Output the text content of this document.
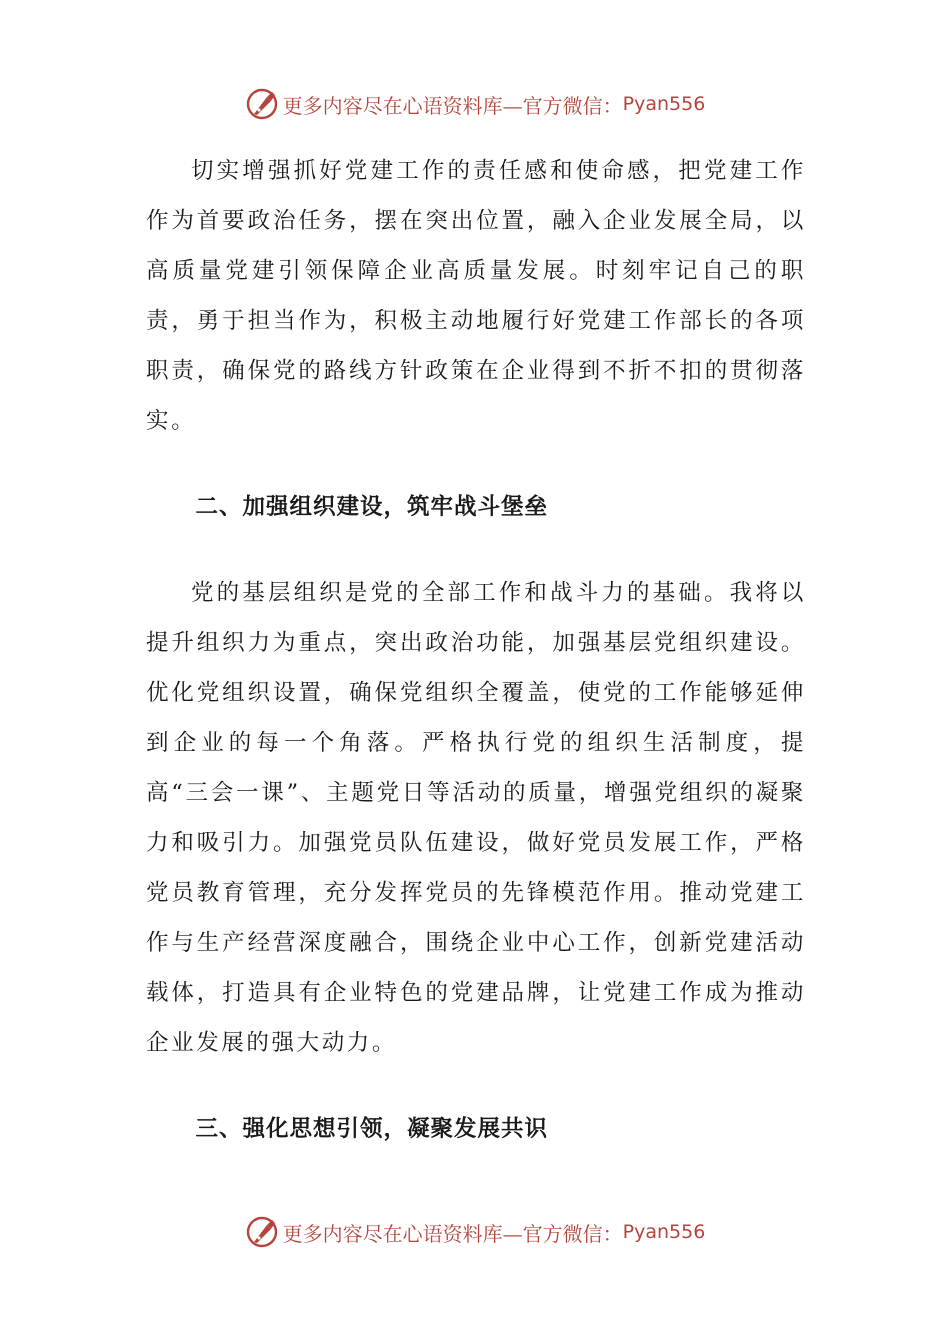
更多内容尽在心语资料库—官方微信： Pyan556

切实增强抓好党建工作的责任感和使命感，把党建工作作为首要政治任务，摆在突出位置，融入企业发展全局，以高质量党建引领保障企业高质量发展。时刻牢记自己的职责，勇于担当作为，积极主动地履行好党建工作部长的各项职责，确保党的路线方针政策在企业得到不折不扣的贯彻落实。

二、加强组织建设，筑牢战斗堡垒

党的基层组织是党的全部工作和战斗力的基础。我将以提升组织力为重点，突出政治功能，加强基层党组织建设。优化党组织设置，确保党组织全覆盖，使党的工作能够延伸到企业的每一个角落。严格执行党的组织生活制度，提高“三会一课”、主题党日等活动的质量，增强党组织的凝聚力和吸引力。加强党员队伍建设，做好党员发展工作，严格党员教育管理，充分发挥党员的先锋模范作用。推动党建工作与生产经营深度融合，围绕企业中心工作，创新党建活动载体，打造具有企业特色的党建品牌，让党建工作成为推动企业发展的强大动力。

三、强化思想引领，凝聚发展共识

更多内容尽在心语资料库—官方微信： Pyan556
